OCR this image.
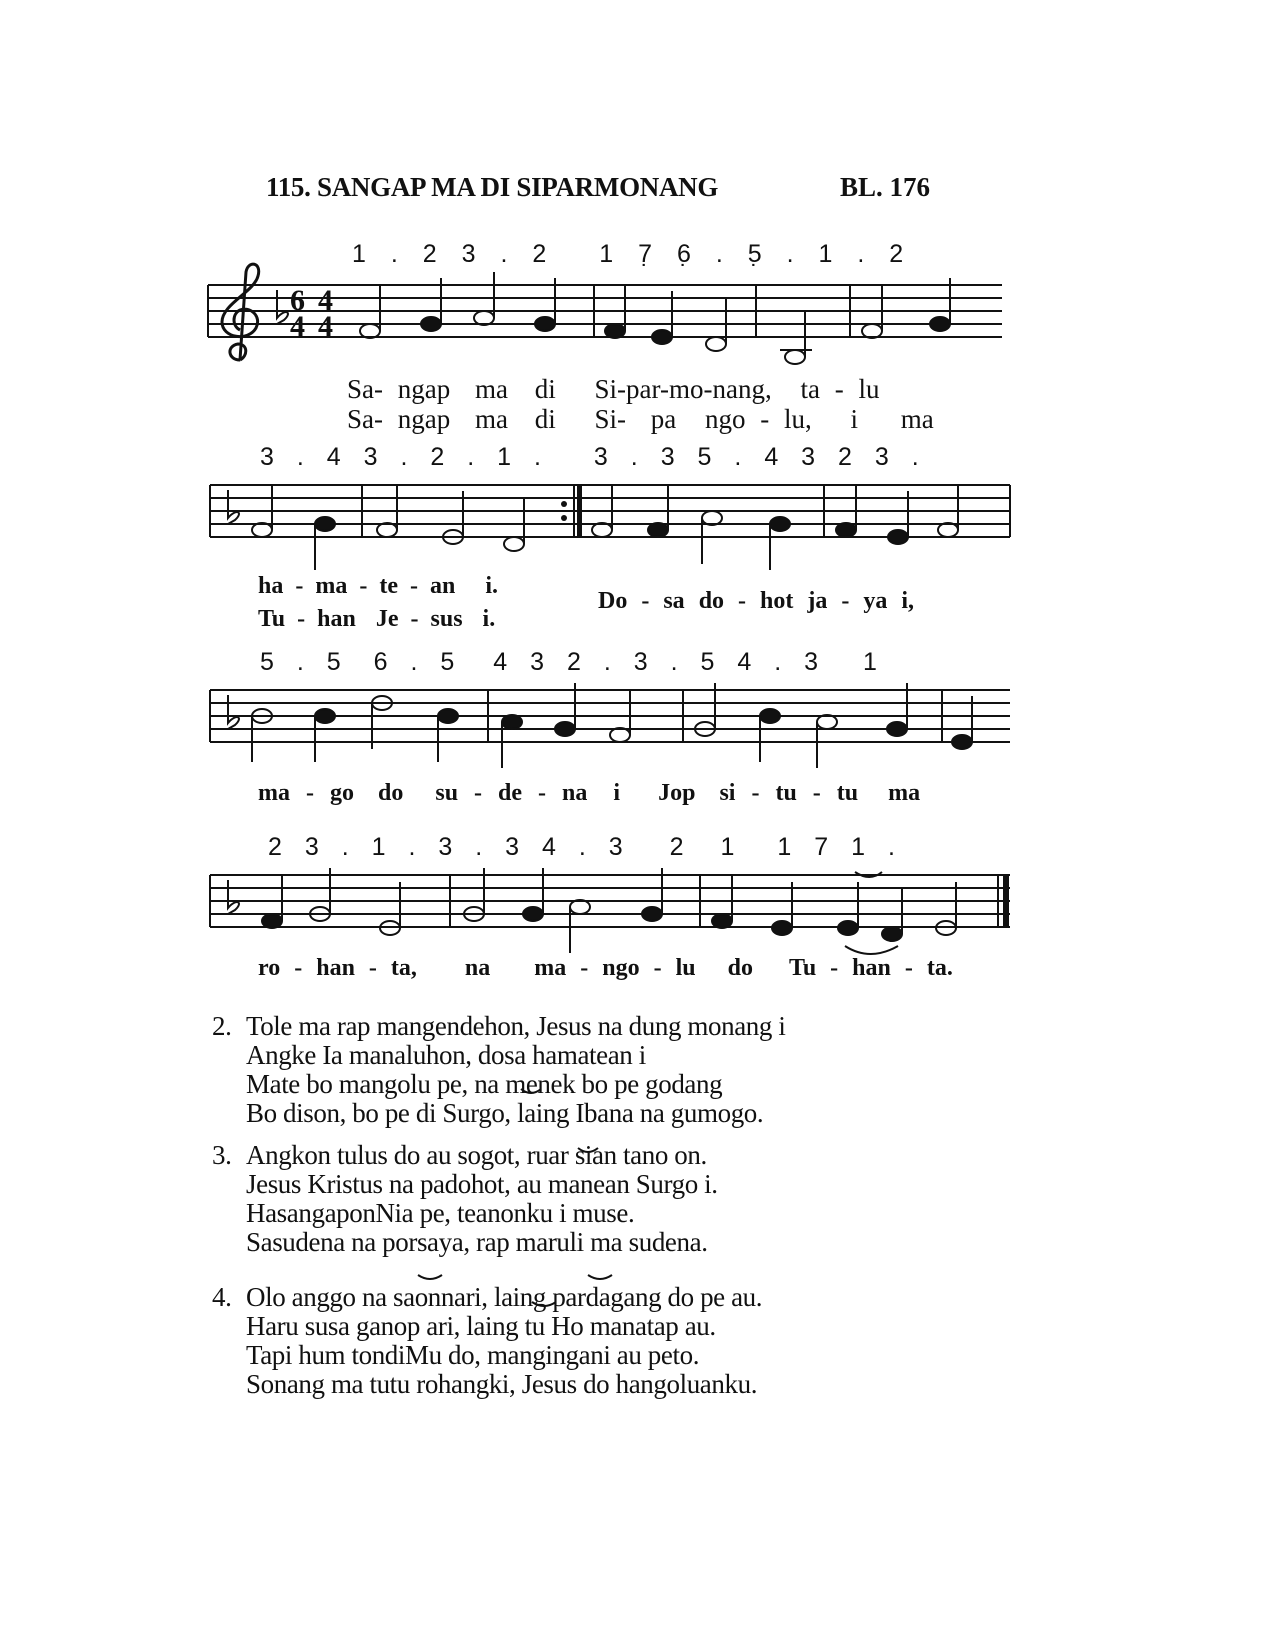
115. SANGAP MA DI SIPARMONANG	BL. 176
6
4
4
4
1 . 2 3 . 2 1 7̣ 6̣ . 5̣ . 1 . 2
Sa- ngap ma di Si-par-mo-nang, ta - lu
Sa- ngap ma di Si- pa ngo - lu, i ma
3 . 4 3 . 2 . 1 . 3 . 3 5 . 4 3 2 3 .
ha - ma - te - an i.
Tu - han Je - sus i.
Do - sa do - hot ja - ya i,
5 . 5 6 . 5 4 3 2 . 3 . 5 4 . 3 1
ma - go do su - de - na i Jop si - tu - tu ma
2 3 . 1 . 3 . 3 4 . 3 2 1 1 7 1 .
ro - han - ta, na ma - ngo - lu do Tu - han - ta.
2. Tole ma rap mangendehon, Jesus na dung monang i
Angke Ia manaluhon, dosa hamatean i
Mate bo mangolu pe, na menek bo pe godang
Bo dison, bo pe di Surgo, laing Ibana na gumogo.
3. Angkon tulus do au sogot, ruar sian tano on.
Jesus Kristus na padohot, au manean Surgo i.
HasangaponNia pe, teanonku i muse.
Sasudena na porsaya, rap maruli ma sudena.
4. Olo anggo na saonnari, laing pardagang do pe au.
Haru susa ganop ari, laing tu Ho manatap au.
Tapi hum tondiMu do, mangingani au peto.
Sonang ma tutu rohangki, Jesus do hangoluanku.
